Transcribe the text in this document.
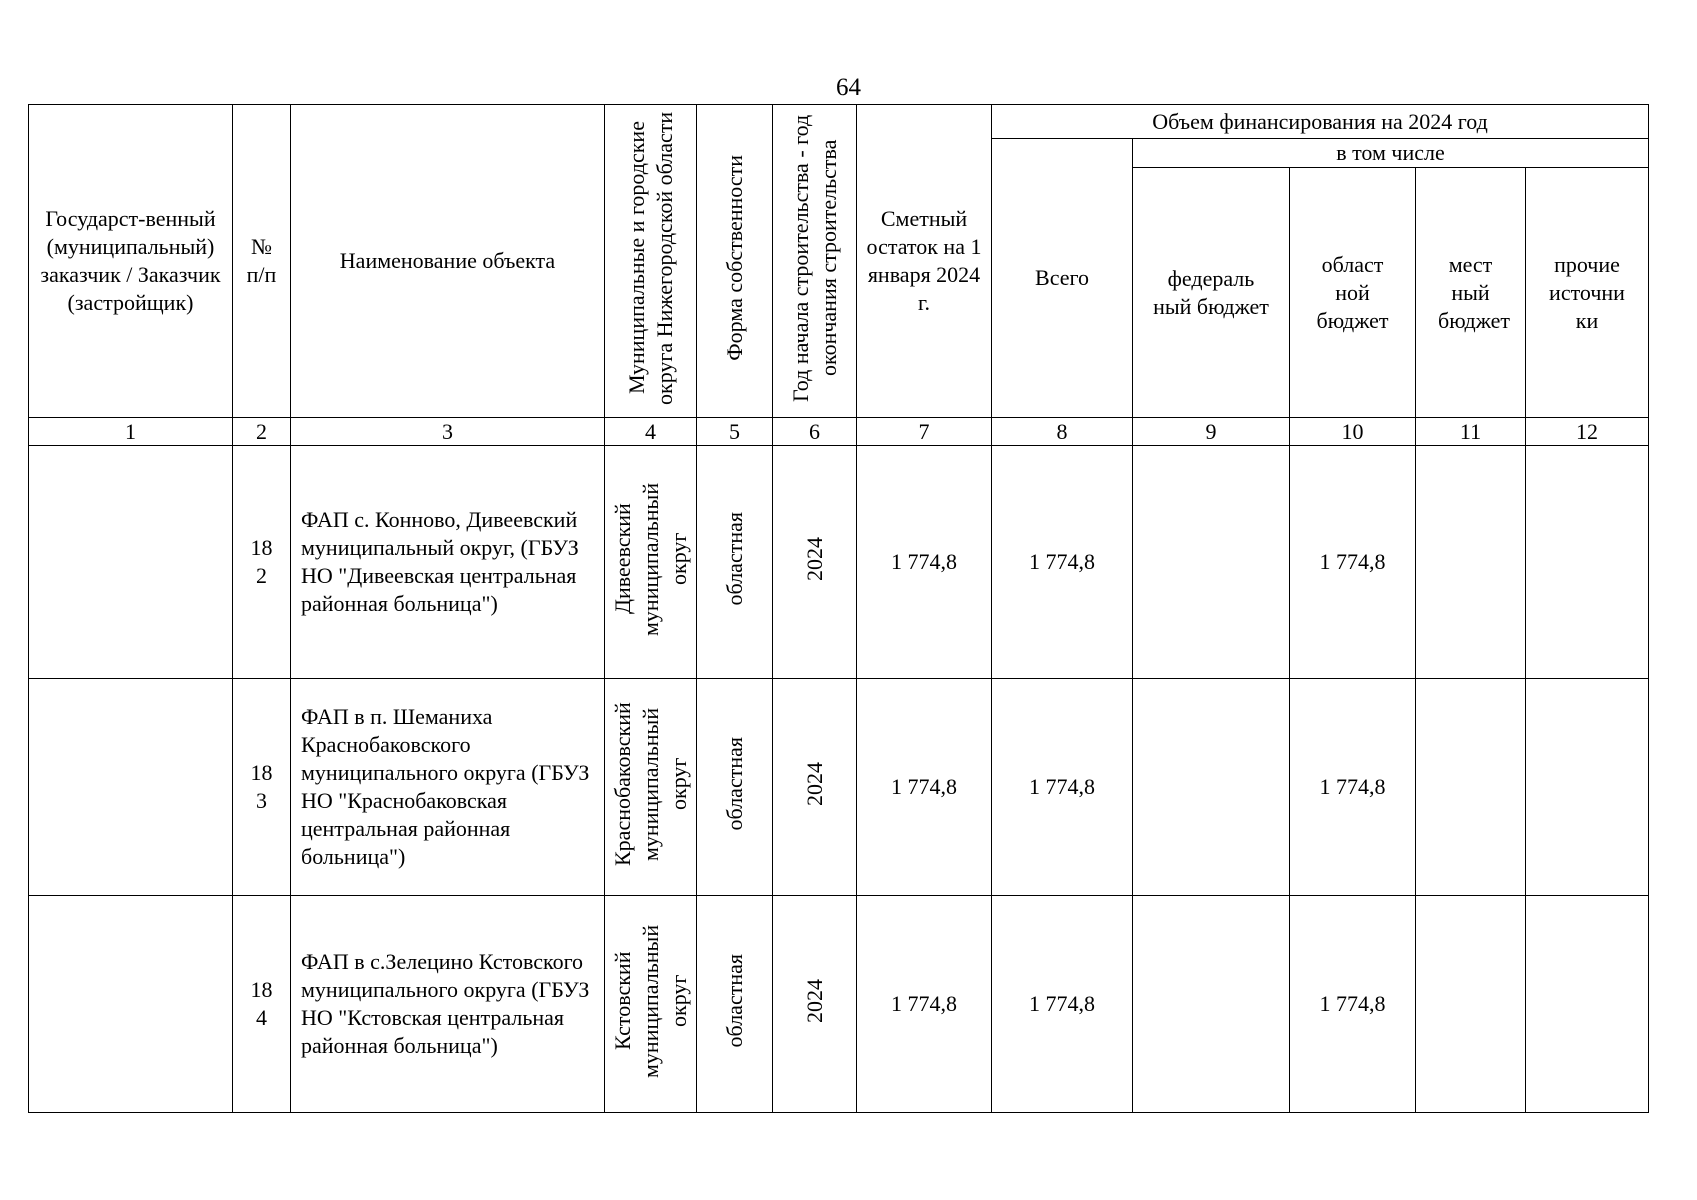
64
Государст-венный (муниципальный) заказчик / Заказчик (застройщик)	№ п/п	Наименование объекта	Муниципальные и городские округа Нижегородской области	Форма собственности	Год начала строительства - год окончания строительства	Сметный остаток на 1 января 2024 г.	Объем финансирования на 2024 год				
							Всего	в том числе			
								федераль ный бюджет	област ной бюджет	мест ный бюджет	прочие источни ки
1	2	3	4	5	6	7	8	9	10	11	12
	18 2	ФАП с. Конново, Дивеевский муниципальный округ, (ГБУЗ НО "Дивеевская центральная районная больница")	Дивеевский муниципальный округ	областная	2024	1 774,8	1 774,8		1 774,8		
	18 3	ФАП в п. Шеманиха Краснобаковского муниципального округа (ГБУЗ НО "Краснобаковская центральная районная больница")	Краснобаковский муниципальный округ	областная	2024	1 774,8	1 774,8		1 774,8		
	18 4	ФАП в с.Зелецино Кстовского муниципального округа (ГБУЗ НО "Кстовская центральная районная больница")	Кстовский муниципальный округ	областная	2024	1 774,8	1 774,8		1 774,8		
